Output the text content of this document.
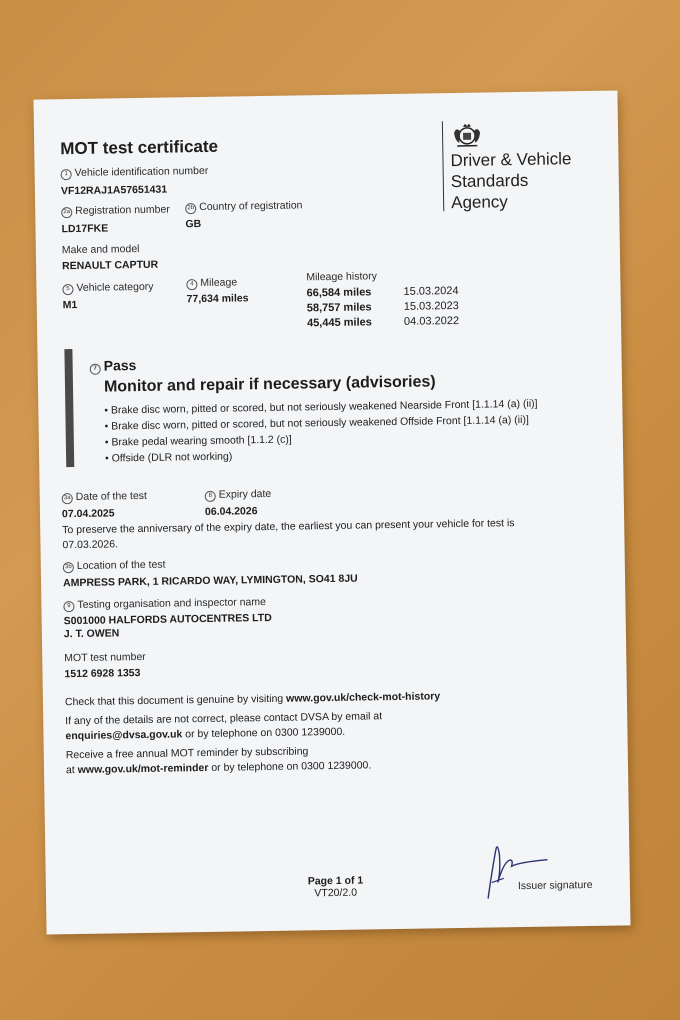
MOT test certificate
Driver & Vehicle
Standards
Agency
1 Vehicle identification number
VF12RAJ1A57651431
2a Registration number
LD17FKE
2b Country of registration
GB
Make and model
RENAULT CAPTUR
5 Vehicle category
M1
4 Mileage
77,634 miles
Mileage history
66,584 miles	15.03.2024
58,757 miles	15.03.2023
45,445 miles	04.03.2022
7 Pass
Monitor and repair if necessary (advisories)
• Brake disc worn, pitted or scored, but not seriously weakened Nearside Front [1.1.14 (a) (ii)]
• Brake disc worn, pitted or scored, but not seriously weakened Offside Front [1.1.14 (a) (ii)]
• Brake pedal wearing smooth [1.1.2 (c)]
• Offside (DLR not working)
3a Date of the test
07.04.2025
8 Expiry date
06.04.2026
To preserve the anniversary of the expiry date, the earliest you can present your vehicle for test is 07.03.2026.
3b Location of the test
AMPRESS PARK, 1 RICARDO WAY, LYMINGTON, SO41 8JU
9 Testing organisation and inspector name
S001000 HALFORDS AUTOCENTRES LTD
J. T. OWEN
MOT test number
1512 6928 1353
Check that this document is genuine by visiting www.gov.uk/check-mot-history
If any of the details are not correct, please contact DVSA by email at
enquiries@dvsa.gov.uk or by telephone on 0300 1239000.
Receive a free annual MOT reminder by subscribing
at www.gov.uk/mot-reminder or by telephone on 0300 1239000.
Page 1 of 1
VT20/2.0
Issuer signature
